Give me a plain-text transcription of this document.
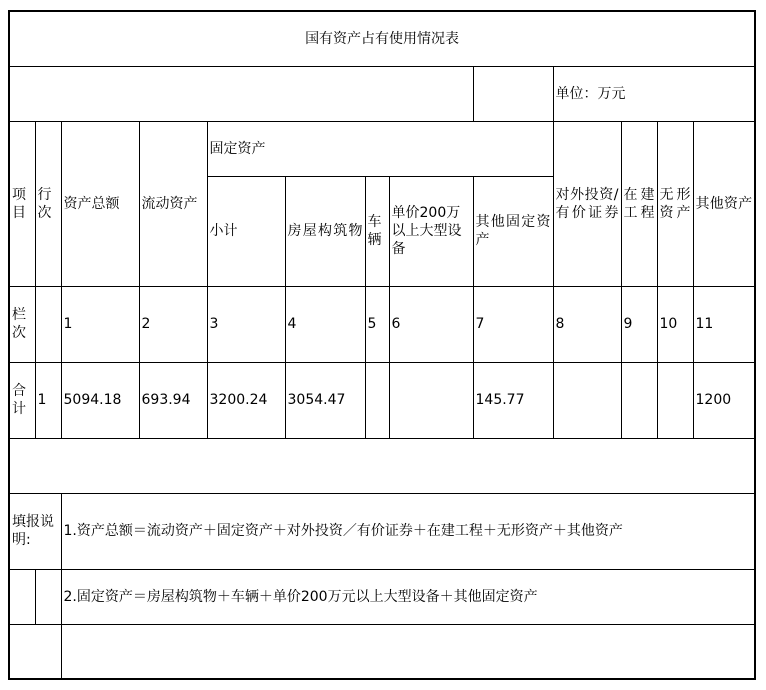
国有资产占有使用情况表												
									单位：万元			
项目	行次	资产总额	流动资产	固定资产					对外投资/有价证券	在建工程	无形资产	其他资产
				小计	房屋构筑物	车辆	单价200万以上大型设备	其他固定资产				
栏次		1	2	3	4	5	6	7	8	9	10	11
合计	1	5094.18	693.94	3200.24	3054.47			145.77				1200

填报说明:		1.资产总额＝流动资产＋固定资产＋对外投资／有价证券＋在建工程＋无形资产＋其他资产										
		2.固定资产＝房屋构筑物＋车辆＋单价200万元以上大型设备＋其他固定资产										
